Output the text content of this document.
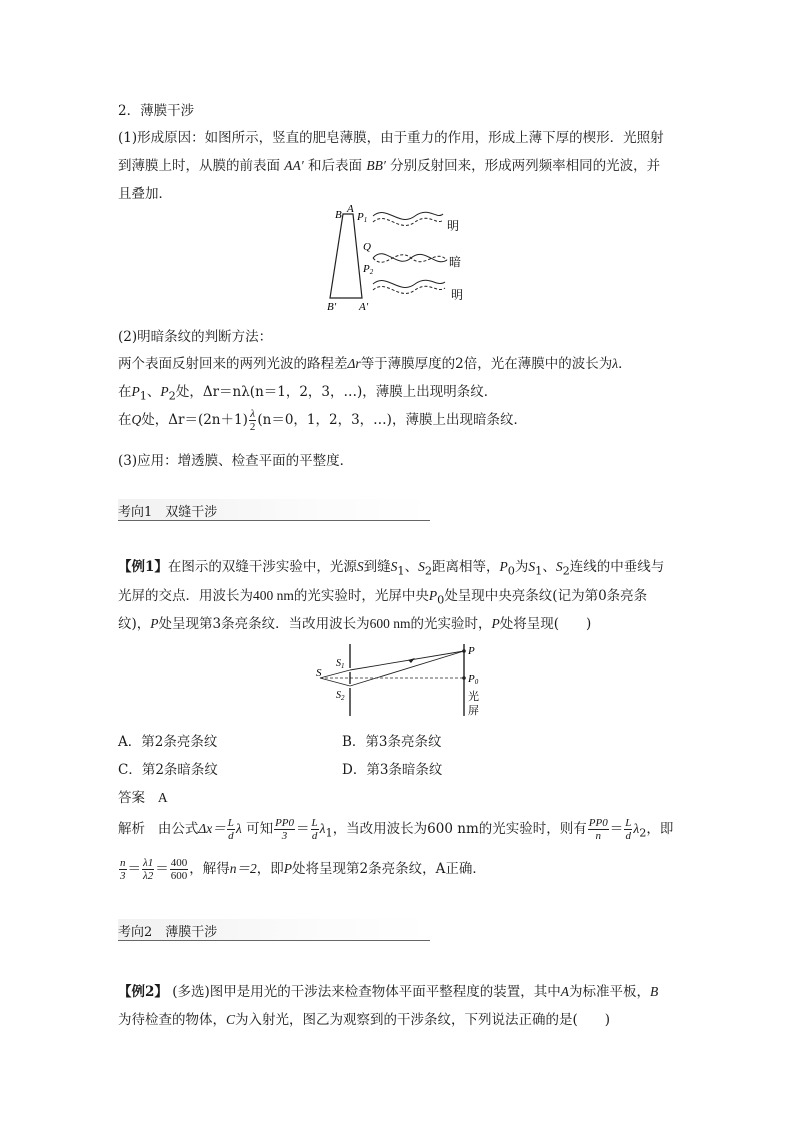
2．薄膜干涉
(1)形成原因：如图所示，竖直的肥皂薄膜，由于重力的作用，形成上薄下厚的楔形．光照射
到薄膜上时，从膜的前表面 AA′ 和后表面 BB′ 分别反射回来，形成两列频率相同的光波，并
且叠加．
B A
P1
Q
P2
B′ A′
明
暗
明
(2)明暗条纹的判断方法：
两个表面反射回来的两列光波的路程差Δr等于薄膜厚度的2倍，光在薄膜中的波长为λ．
在$P_1$、$P_2$处，Δr＝nλ(n＝1，2，3，…)，薄膜上出现明条纹．
在Q处，$\Delta r=(2n+1) \frac{\lambda}{2} (n=0$，1，2，3，…)，薄膜上出现暗条纹．
(3)应用：增透膜、检查平面的平整度．
考向1　双缝干涉
【例1】在图示的双缝干涉实验中，光源S到缝$S_1$、$S_2$距离相等，$P_0$为$S_1$、$S_2$连线的中垂线与
光屏的交点．用波长为400 nm的光实验时，光屏中央$P_0$处呈现中央亮条纹(记为第0条亮条
纹)，P处呈现第3条亮条纹．当改用波长为600 nm的光实验时，P处将呈现(　　)
S
$S_1$
$S_2$
P
P0
光
屏
A．第2条亮条纹	B．第3条亮条纹
C．第2条暗条纹	D．第3条暗条纹
答案 A
解析 由公式$\Delta x= \frac{L}{d}$ λ 可知 $\frac{PP0}{3} = \frac{L}{d} \lambda_1$，当改用波长为600 nm的光实验时，则有 $\frac{PP0}{n} = \frac{L}{d} \lambda_2$，即
$\frac{n}{3} = \frac{\lambda 1}{\lambda 2} = \frac{400}{600}$ ，解得n＝2，即P处将呈现第2条亮条纹，A正确．
考向2　薄膜干涉
【例2】 (多选)图甲是用光的干涉法来检查物体平面平整程度的装置，其中A为标准平板，B
为待检查的物体，C为入射光，图乙为观察到的干涉条纹，下列说法正确的是(　　)
